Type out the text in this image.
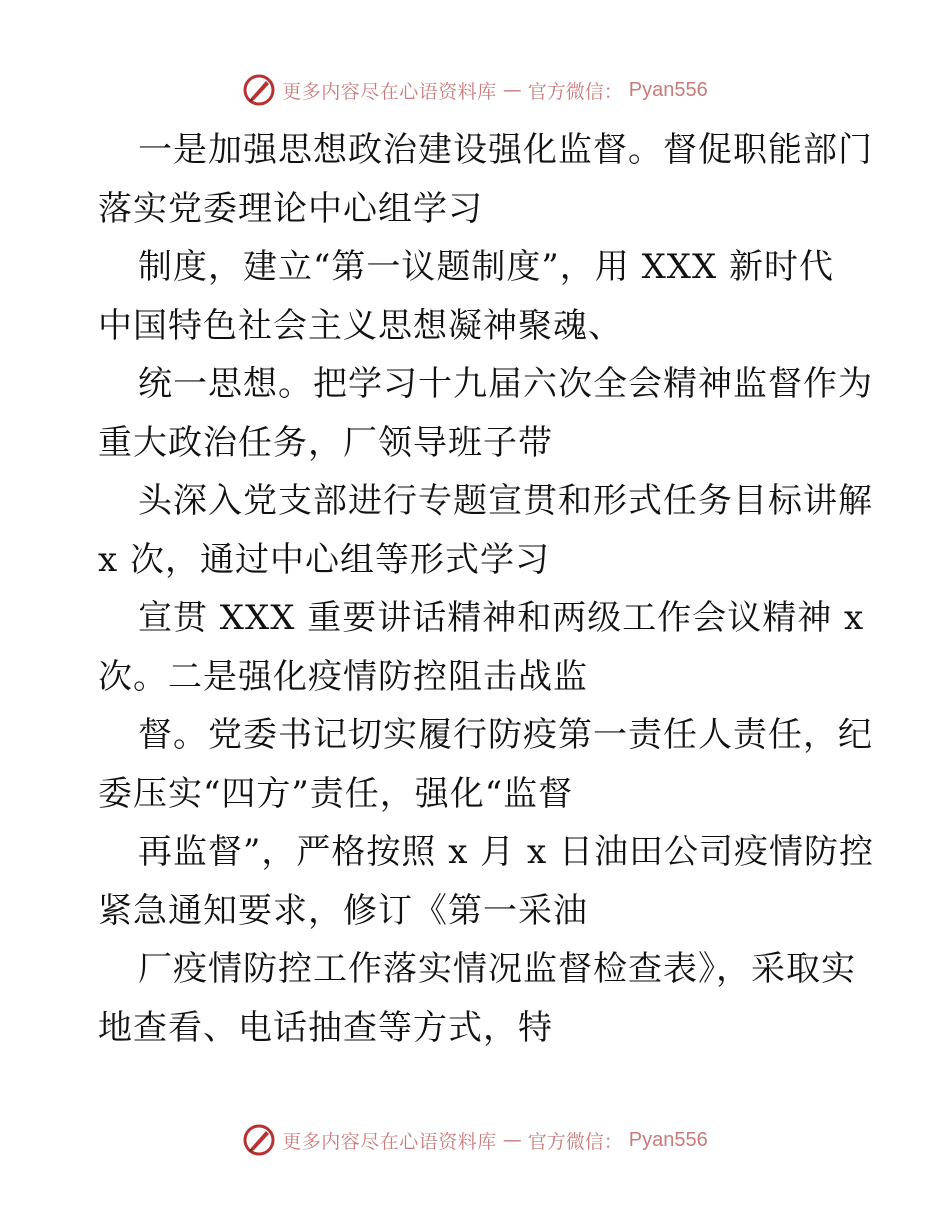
更多内容尽在心语资料库 — 官方微信： Pyan556
一是加强思想政治建设强化监督。督促职能部门
落实党委理论中心组学习
制度，建立“第一议题制度”，用 XXX 新时代
中国特色社会主义思想凝神聚魂、
统一思想。把学习十九届六次全会精神监督作为
重大政治任务，厂领导班子带
头深入党支部进行专题宣贯和形式任务目标讲解
x 次，通过中心组等形式学习
宣贯 XXX 重要讲话精神和两级工作会议精神 x
次。二是强化疫情防控阻击战监
督。党委书记切实履行防疫第一责任人责任，纪
委压实“四方”责任，强化“监督
再监督”，严格按照 x 月 x 日油田公司疫情防控
紧急通知要求，修订《第一采油
厂疫情防控工作落实情况监督检查表》，采取实
地查看、电话抽查等方式，特
更多内容尽在心语资料库 — 官方微信： Pyan556
